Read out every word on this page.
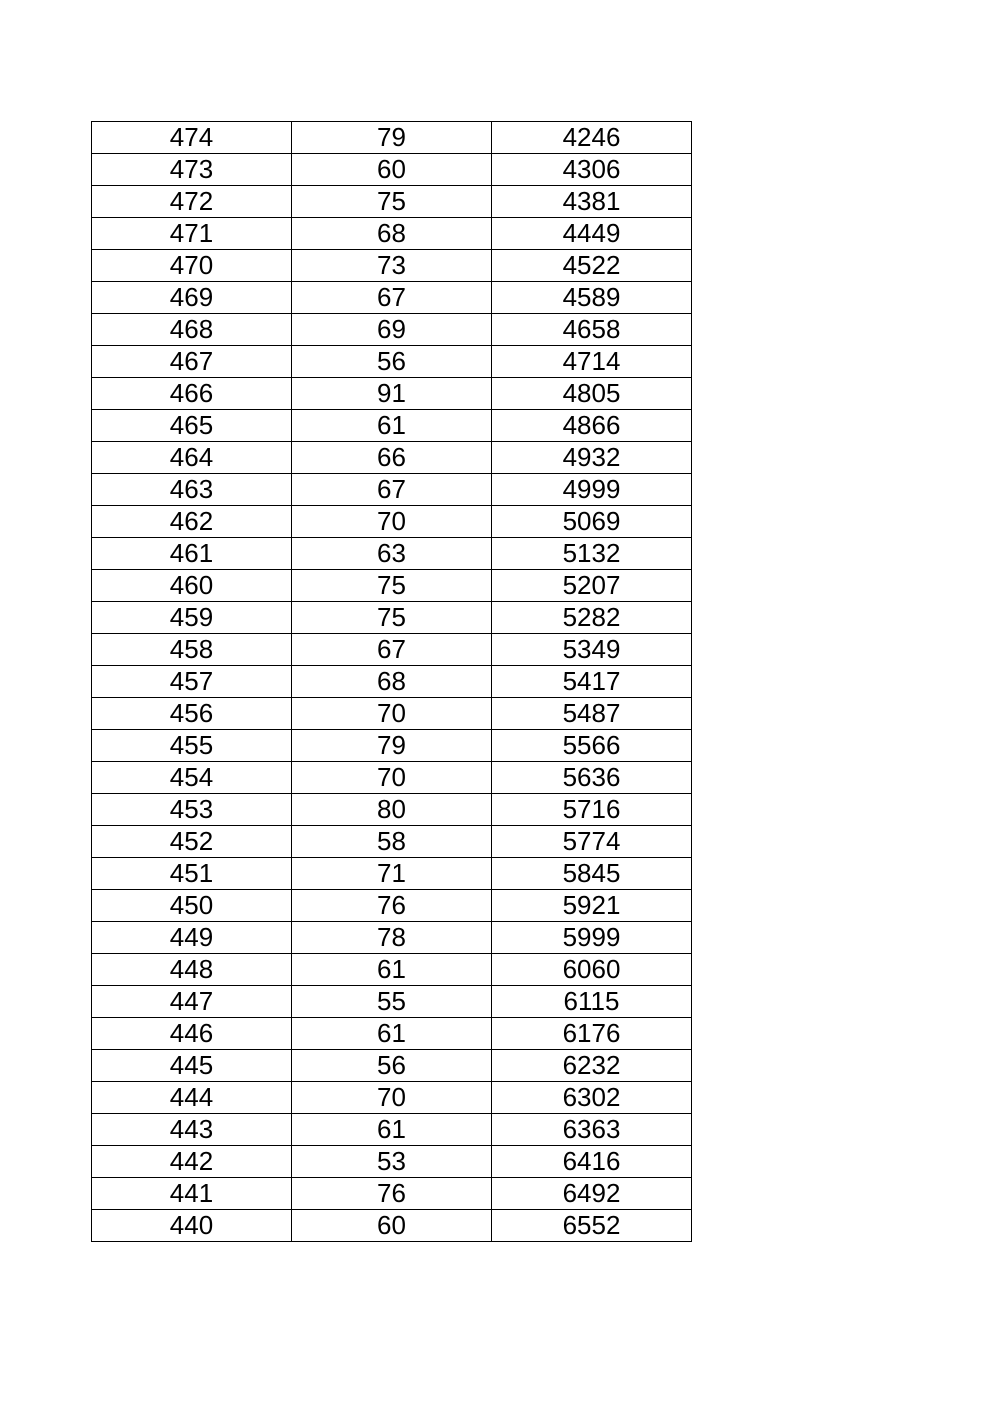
474	79	4246
473	60	4306
472	75	4381
471	68	4449
470	73	4522
469	67	4589
468	69	4658
467	56	4714
466	91	4805
465	61	4866
464	66	4932
463	67	4999
462	70	5069
461	63	5132
460	75	5207
459	75	5282
458	67	5349
457	68	5417
456	70	5487
455	79	5566
454	70	5636
453	80	5716
452	58	5774
451	71	5845
450	76	5921
449	78	5999
448	61	6060
447	55	6115
446	61	6176
445	56	6232
444	70	6302
443	61	6363
442	53	6416
441	76	6492
440	60	6552
